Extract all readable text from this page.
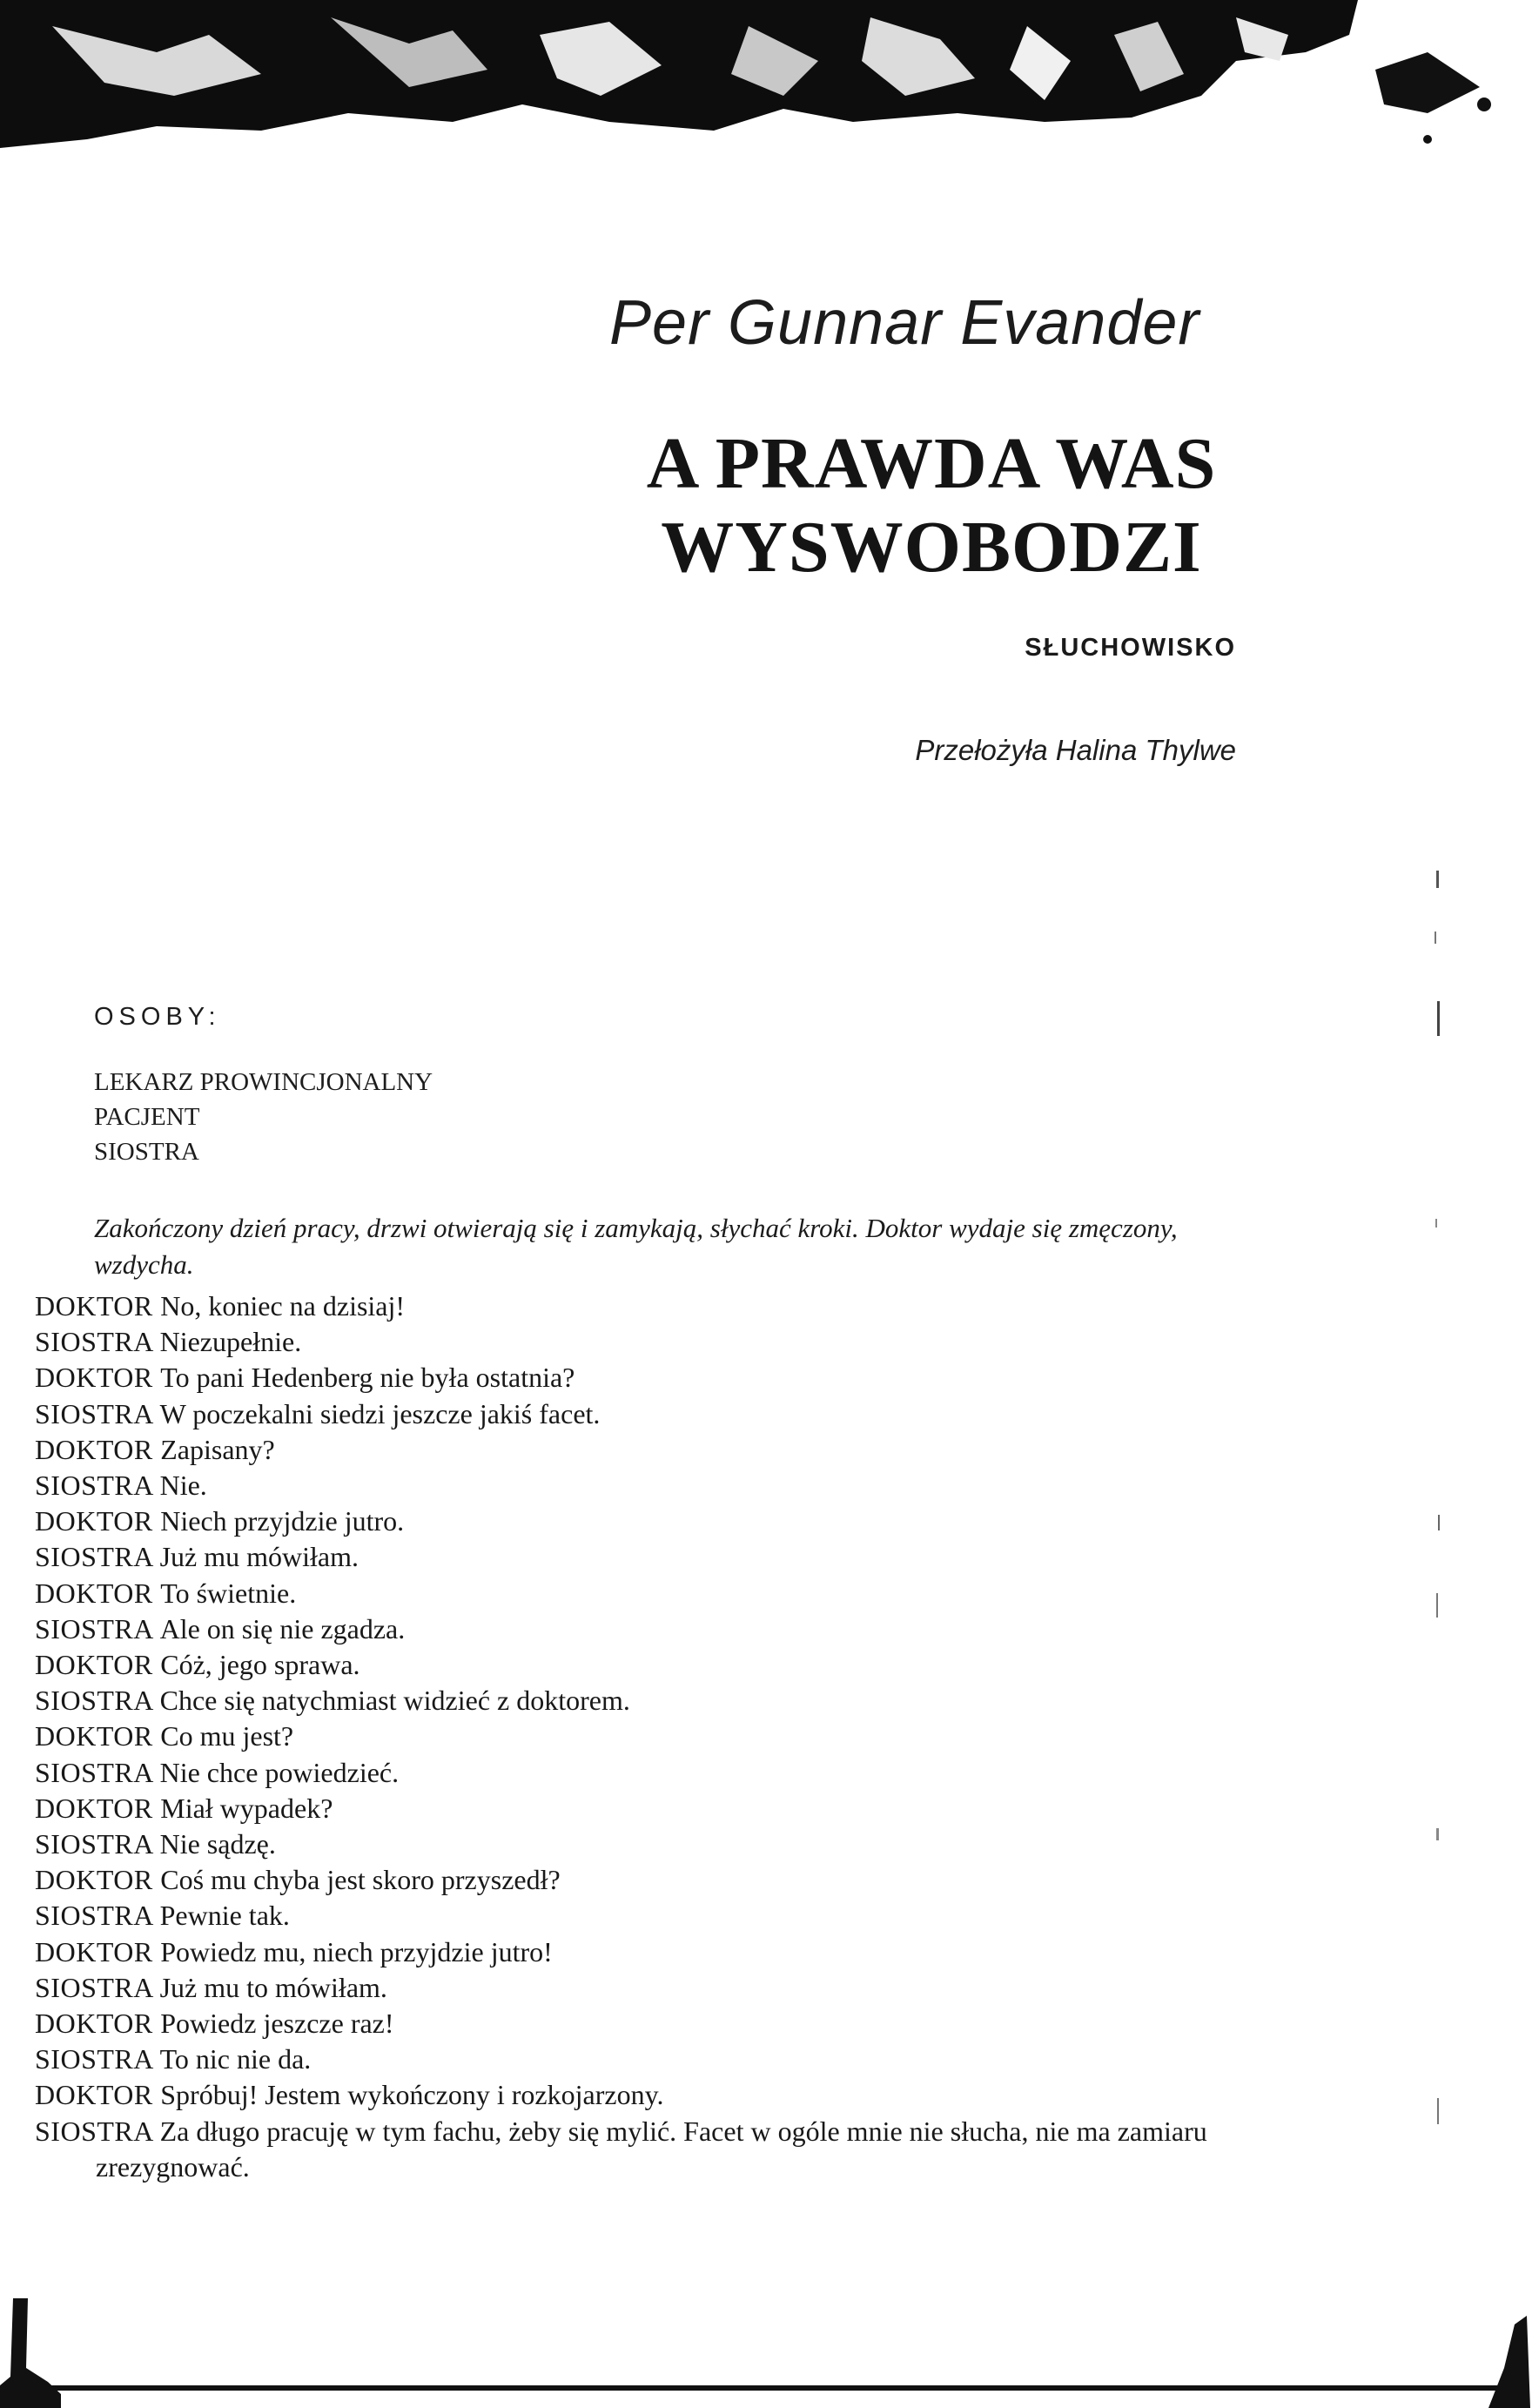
Per Gunnar Evander
A PRAWDA WAS
WYSWOBODZI
SŁUCHOWISKO
Przełożyła Halina Thylwe
OSOBY:
LEKARZ PROWINCJONALNY
PACJENT
SIOSTRA
Zakończony dzień pracy, drzwi otwierają się i zamykają, słychać kroki. Doktor wydaje się zmęczony, wzdycha.
DOKTOR No, koniec na dzisiaj!
SIOSTRA Niezupełnie.
DOKTOR To pani Hedenberg nie była ostatnia?
SIOSTRA W poczekalni siedzi jeszcze jakiś facet.
DOKTOR Zapisany?
SIOSTRA Nie.
DOKTOR Niech przyjdzie jutro.
SIOSTRA Już mu mówiłam.
DOKTOR To świetnie.
SIOSTRA Ale on się nie zgadza.
DOKTOR Cóż, jego sprawa.
SIOSTRA Chce się natychmiast widzieć z doktorem.
DOKTOR Co mu jest?
SIOSTRA Nie chce powiedzieć.
DOKTOR Miał wypadek?
SIOSTRA Nie sądzę.
DOKTOR Coś mu chyba jest skoro przyszedł?
SIOSTRA Pewnie tak.
DOKTOR Powiedz mu, niech przyjdzie jutro!
SIOSTRA Już mu to mówiłam.
DOKTOR Powiedz jeszcze raz!
SIOSTRA To nic nie da.
DOKTOR Spróbuj! Jestem wykończony i rozkojarzony.
SIOSTRA Za długo pracuję w tym fachu, żeby się mylić. Facet w ogóle mnie nie słucha, nie ma zamiaru zrezygnować.
